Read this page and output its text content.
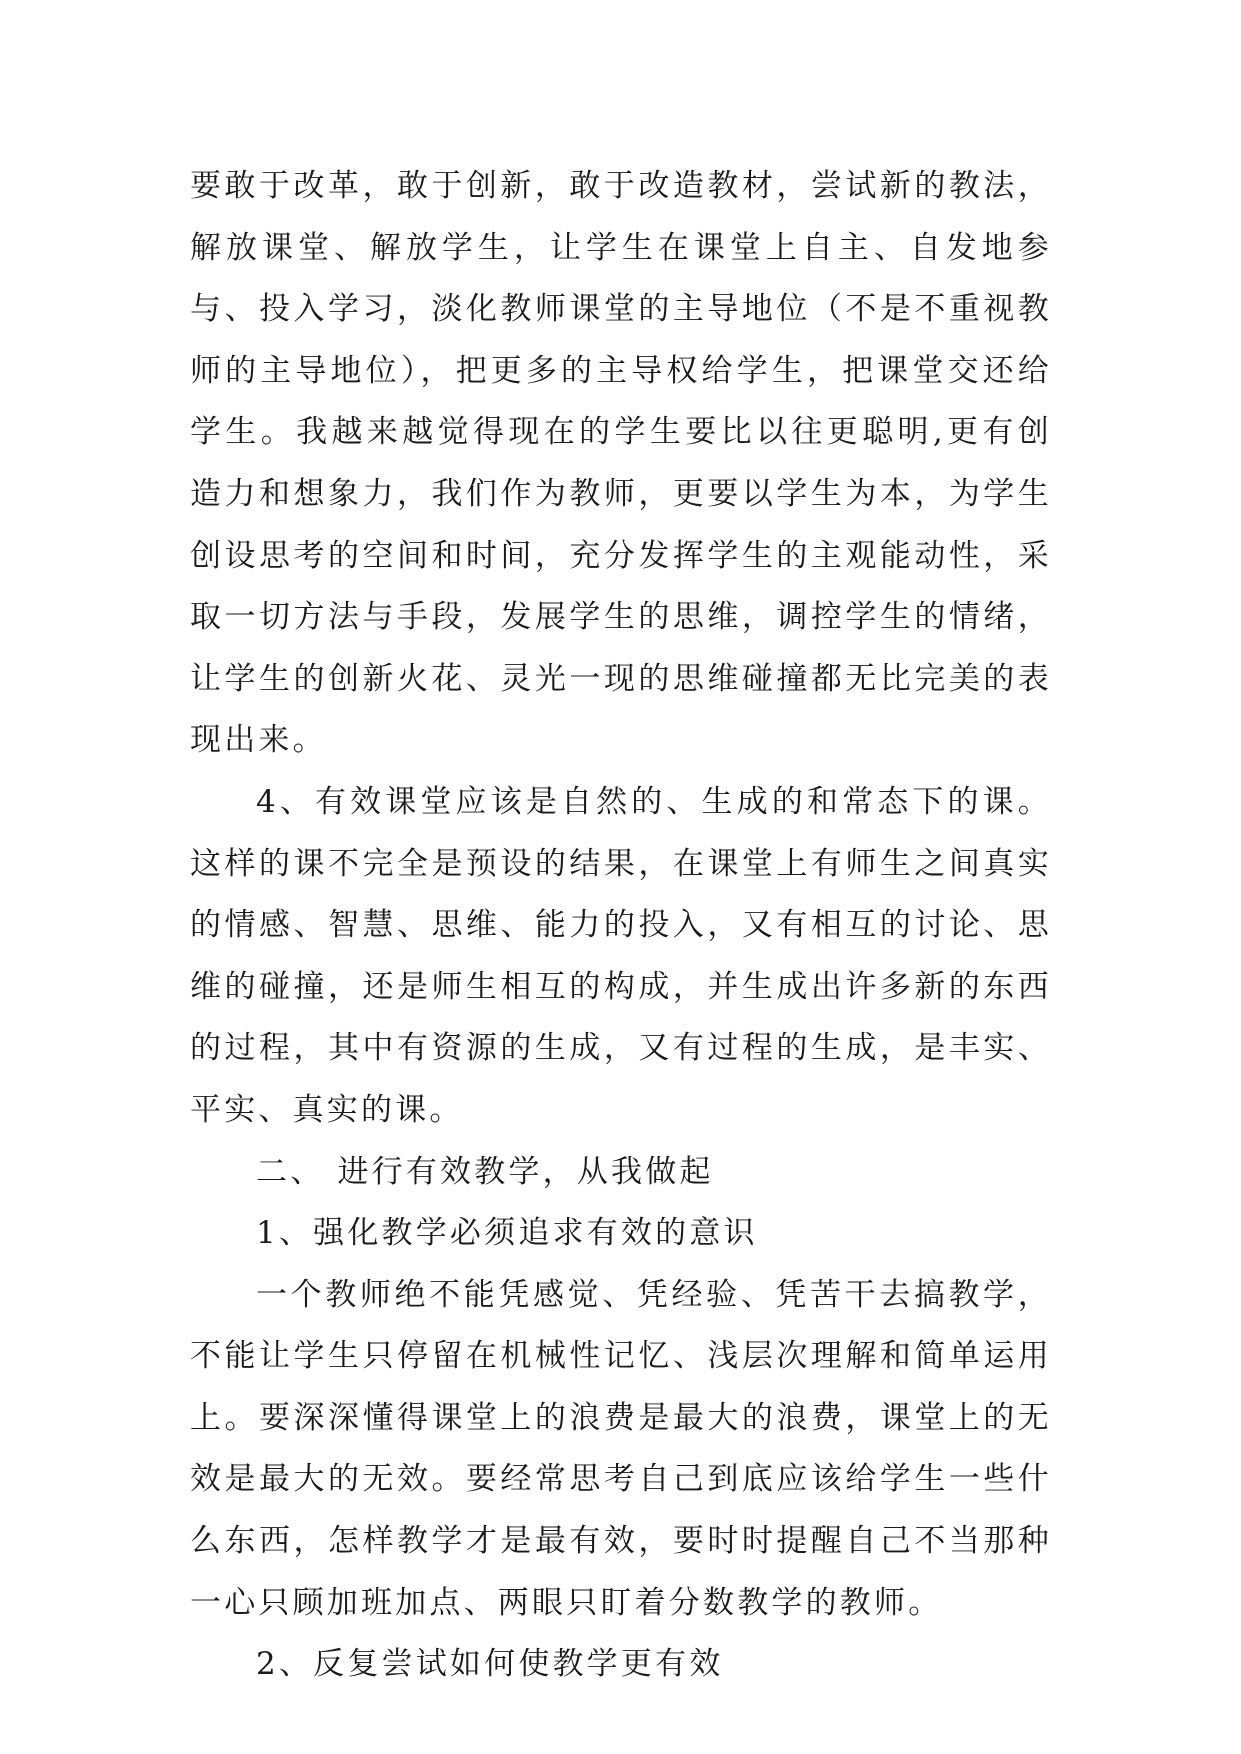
要敢于改革，敢于创新，敢于改造教材，尝试新的教法，解放课堂、解放学生，让学生在课堂上自主、自发地参与、投入学习，淡化教师课堂的主导地位（不是不重视教师的主导地位），把更多的主导权给学生，把课堂交还给学生。我越来越觉得现在的学生要比以往更聪明,更有创造力和想象力，我们作为教师，更要以学生为本，为学生创设思考的空间和时间，充分发挥学生的主观能动性，采取一切方法与手段，发展学生的思维，调控学生的情绪，让学生的创新火花、灵光一现的思维碰撞都无比完美的表现出来。

4、有效课堂应该是自然的、生成的和常态下的课。这样的课不完全是预设的结果，在课堂上有师生之间真实的情感、智慧、思维、能力的投入，又有相互的讨论、思维的碰撞，还是师生相互的构成，并生成出许多新的东西的过程，其中有资源的生成，又有过程的生成，是丰实、平实、真实的课。

二、 进行有效教学，从我做起

1、强化教学必须追求有效的意识

一个教师绝不能凭感觉、凭经验、凭苦干去搞教学，不能让学生只停留在机械性记忆、浅层次理解和简单运用上。要深深懂得课堂上的浪费是最大的浪费，课堂上的无效是最大的无效。要经常思考自己到底应该给学生一些什么东西，怎样教学才是最有效，要时时提醒自己不当那种一心只顾加班加点、两眼只盯着分数教学的教师。

2、反复尝试如何使教学更有效
